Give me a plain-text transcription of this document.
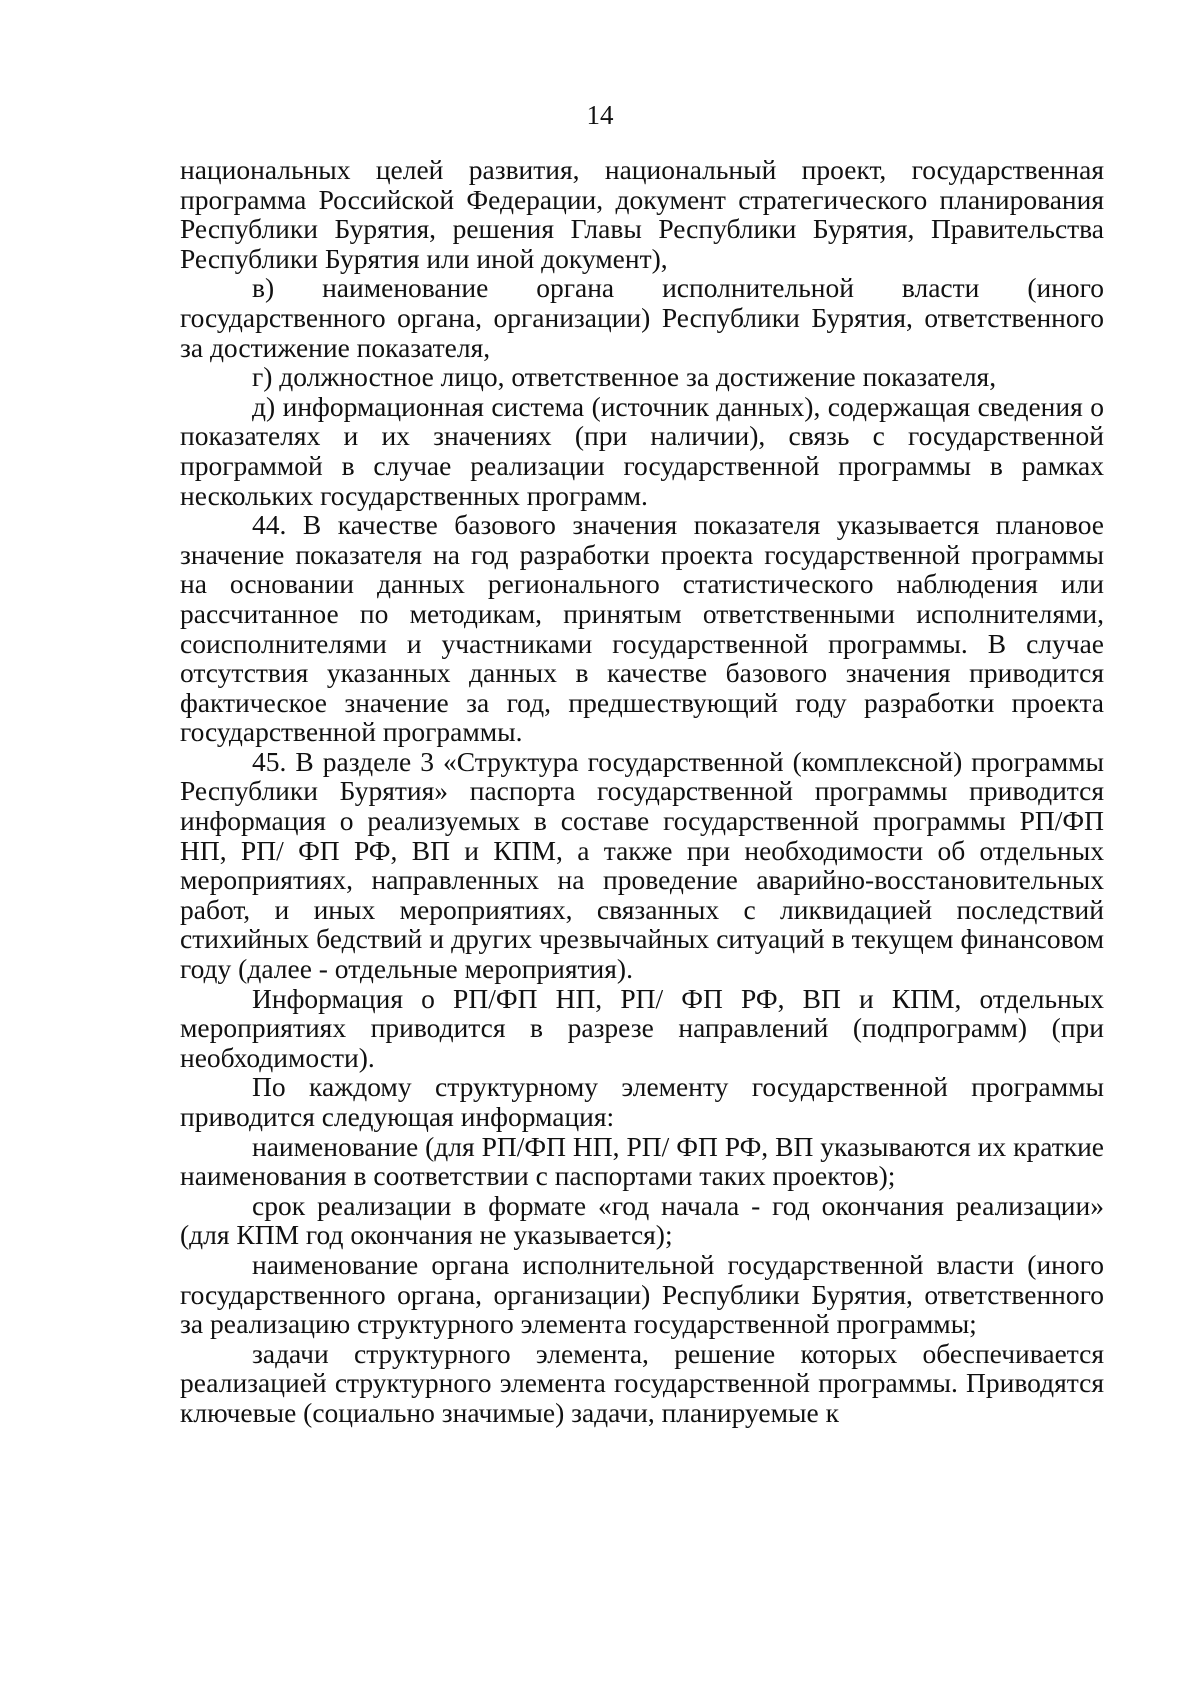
14

национальных целей развития, национальный проект, государственная программа Российской Федерации, документ стратегического планирования Республики Бурятия, решения Главы Республики Бурятия, Правительства Республики Бурятия или иной документ),

в) наименование органа исполнительной власти (иного государственного органа, организации) Республики Бурятия, ответственного за достижение показателя,

г) должностное лицо, ответственное за достижение показателя,

д) информационная система (источник данных), содержащая сведения о показателях и их значениях (при наличии), связь с государственной программой в случае реализации государственной программы в рамках нескольких государственных программ.

44. В качестве базового значения показателя указывается плановое значение показателя на год разработки проекта государственной программы на основании данных регионального статистического наблюдения или рассчитанное по методикам, принятым ответственными исполнителями, соисполнителями и участниками государственной программы. В случае отсутствия указанных данных в качестве базового значения приводится фактическое значение за год, предшествующий году разработки проекта государственной программы.

45. В разделе 3 «Структура государственной (комплексной) программы Республики Бурятия» паспорта государственной программы приводится информация о реализуемых в составе государственной программы РП/ФП НП, РП/ ФП РФ, ВП и КПМ, а также при необходимости об отдельных мероприятиях, направленных на проведение аварийно-восстановительных работ, и иных мероприятиях, связанных с ликвидацией последствий стихийных бедствий и других чрезвычайных ситуаций в текущем финансовом году (далее - отдельные мероприятия).

Информация о РП/ФП НП, РП/ ФП РФ, ВП и КПМ, отдельных мероприятиях приводится в разрезе направлений (подпрограмм) (при необходимости).

По каждому структурному элементу государственной программы приводится следующая информация:

наименование (для РП/ФП НП, РП/ ФП РФ, ВП указываются их краткие наименования в соответствии с паспортами таких проектов);

срок реализации в формате «год начала - год окончания реализации» (для КПМ год окончания не указывается);

наименование органа исполнительной государственной власти (иного государственного органа, организации) Республики Бурятия, ответственного за реализацию структурного элемента государственной программы;

задачи структурного элемента, решение которых обеспечивается реализацией структурного элемента государственной программы. Приводятся ключевые (социально значимые) задачи, планируемые к
